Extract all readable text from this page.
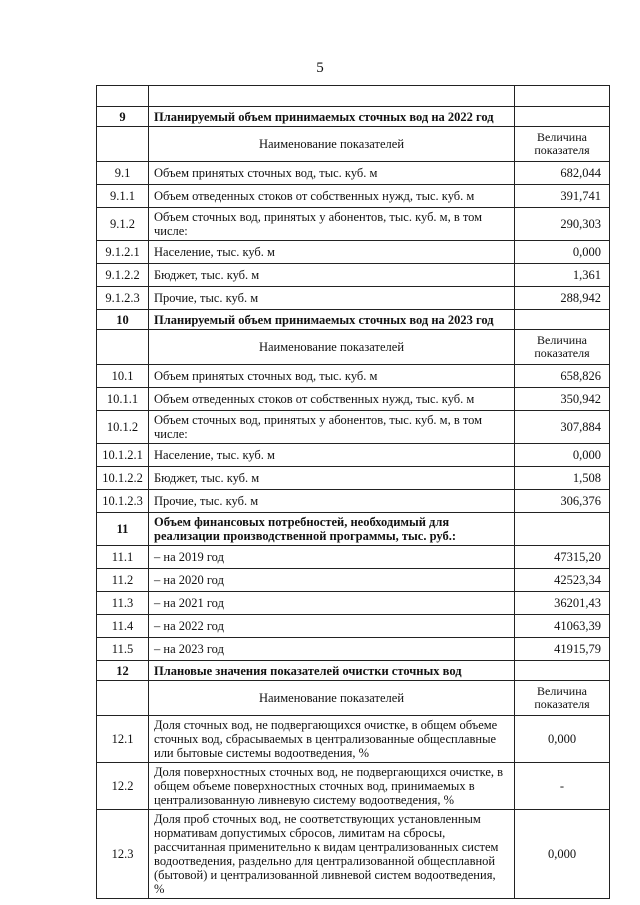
5

9	Планируемый объем принимаемых сточных вод на 2022 год	
	Наименование показателей	Величина показателя
9.1	Объем принятых сточных вод, тыс. куб. м	682,044
9.1.1	Объем отведенных стоков от собственных нужд, тыс. куб. м	391,741
9.1.2	Объем сточных вод, принятых у абонентов, тыс. куб. м, в том числе:	290,303
9.1.2.1	Население, тыс. куб. м	0,000
9.1.2.2	Бюджет, тыс. куб. м	1,361
9.1.2.3	Прочие, тыс. куб. м	288,942
10	Планируемый объем принимаемых сточных вод на 2023 год	
	Наименование показателей	Величина показателя
10.1	Объем принятых сточных вод, тыс. куб. м	658,826
10.1.1	Объем отведенных стоков от собственных нужд, тыс. куб. м	350,942
10.1.2	Объем сточных вод, принятых у абонентов, тыс. куб. м, в том числе:	307,884
10.1.2.1	Население, тыс. куб. м	0,000
10.1.2.2	Бюджет, тыс. куб. м	1,508
10.1.2.3	Прочие, тыс. куб. м	306,376
11	Объем финансовых потребностей, необходимый для реализации производственной программы, тыс. руб.:	
11.1	– на 2019 год	47315,20
11.2	– на 2020 год	42523,34
11.3	– на 2021 год	36201,43
11.4	– на 2022 год	41063,39
11.5	– на 2023 год	41915,79
12	Плановые значения показателей очистки сточных вод	
	Наименование показателей	Величина показателя
12.1	Доля сточных вод, не подвергающихся очистке, в общем объеме сточных вод, сбрасываемых в централизованные общесплавные или бытовые системы водоотведения, %	0,000
12.2	Доля поверхностных сточных вод, не подвергающихся очистке, в общем объеме поверхностных сточных вод, принимаемых в централизованную ливневую систему водоотведения, %	-
12.3	Доля проб сточных вод, не соответствующих установленным нормативам допустимых сбросов, лимитам на сбросы, рассчитанная применительно к видам централизованных систем водоотведения, раздельно для централизованной общесплавной (бытовой) и централизованной ливневой систем водоотведения, %	0,000
